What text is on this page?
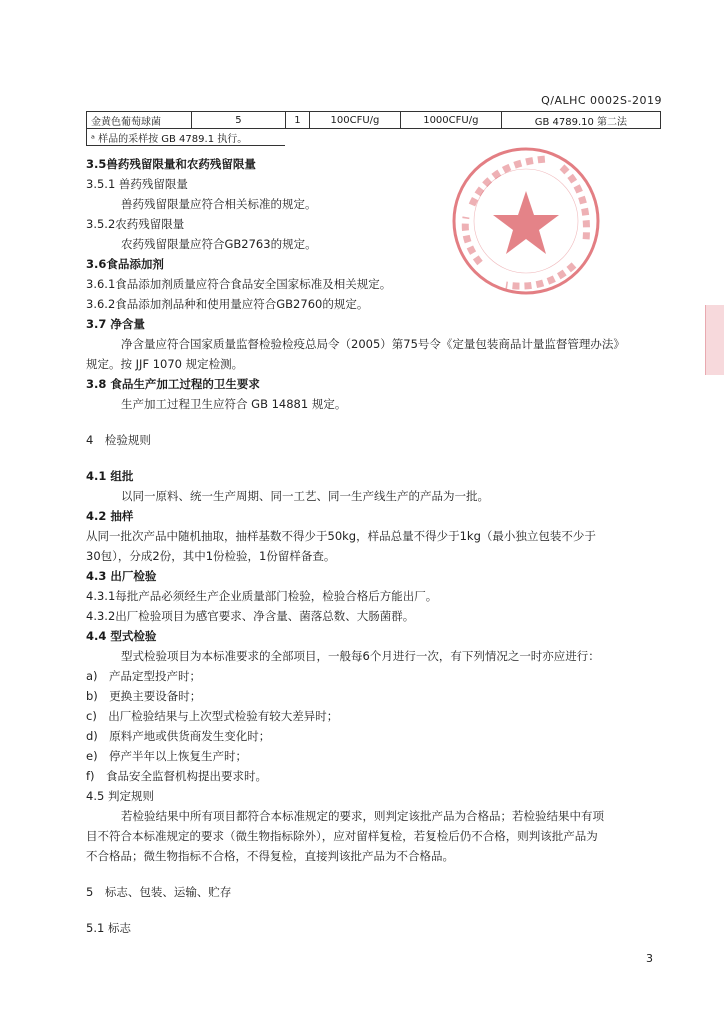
Q/ALHC 0002S-2019
金黄色葡萄球菌	5	1	100CFU/g	1000CFU/g	GB 4789.10 第二法
ᵃ 样品的采样按 GB 4789.1 执行。
3.5兽药残留限量和农药残留限量
3.5.1 兽药残留限量
兽药残留限量应符合相关标准的规定。
3.5.2农药残留限量
农药残留限量应符合GB2763的规定。
3.6食品添加剂
3.6.1食品添加剂质量应符合食品安全国家标准及相关规定。
3.6.2食品添加剂品种和使用量应符合GB2760的规定。
3.7 净含量
净含量应符合国家质量监督检验检疫总局令（2005）第75号令《定量包装商品计量监督管理办法》
规定。按 JJF 1070 规定检测。
3.8 食品生产加工过程的卫生要求
生产加工过程卫生应符合 GB 14881 规定。
4　检验规则
4.1 组批
以同一原料、统一生产周期、同一工艺、同一生产线生产的产品为一批。
4.2 抽样
从同一批次产品中随机抽取，抽样基数不得少于50kg，样品总量不得少于1kg（最小独立包装不少于
30包），分成2份，其中1份检验，1份留样备查。
4.3 出厂检验
4.3.1每批产品必须经生产企业质量部门检验，检验合格后方能出厂。
4.3.2出厂检验项目为感官要求、净含量、菌落总数、大肠菌群。
4.4 型式检验
型式检验项目为本标准要求的全部项目，一般每6个月进行一次，有下列情况之一时亦应进行：
a)　产品定型投产时；
b)　更换主要设备时；
c)　出厂检验结果与上次型式检验有较大差异时；
d)　原料产地或供货商发生变化时；
e)　停产半年以上恢复生产时；
f)　食品安全监督机构提出要求时。
4.5 判定规则
若检验结果中所有项目都符合本标准规定的要求，则判定该批产品为合格品；若检验结果中有项
目不符合本标准规定的要求（微生物指标除外），应对留样复检，若复检后仍不合格，则判该批产品为
不合格品；微生物指标不合格，不得复检，直接判该批产品为不合格品。
5　标志、包装、运输、贮存
5.1 标志
3
